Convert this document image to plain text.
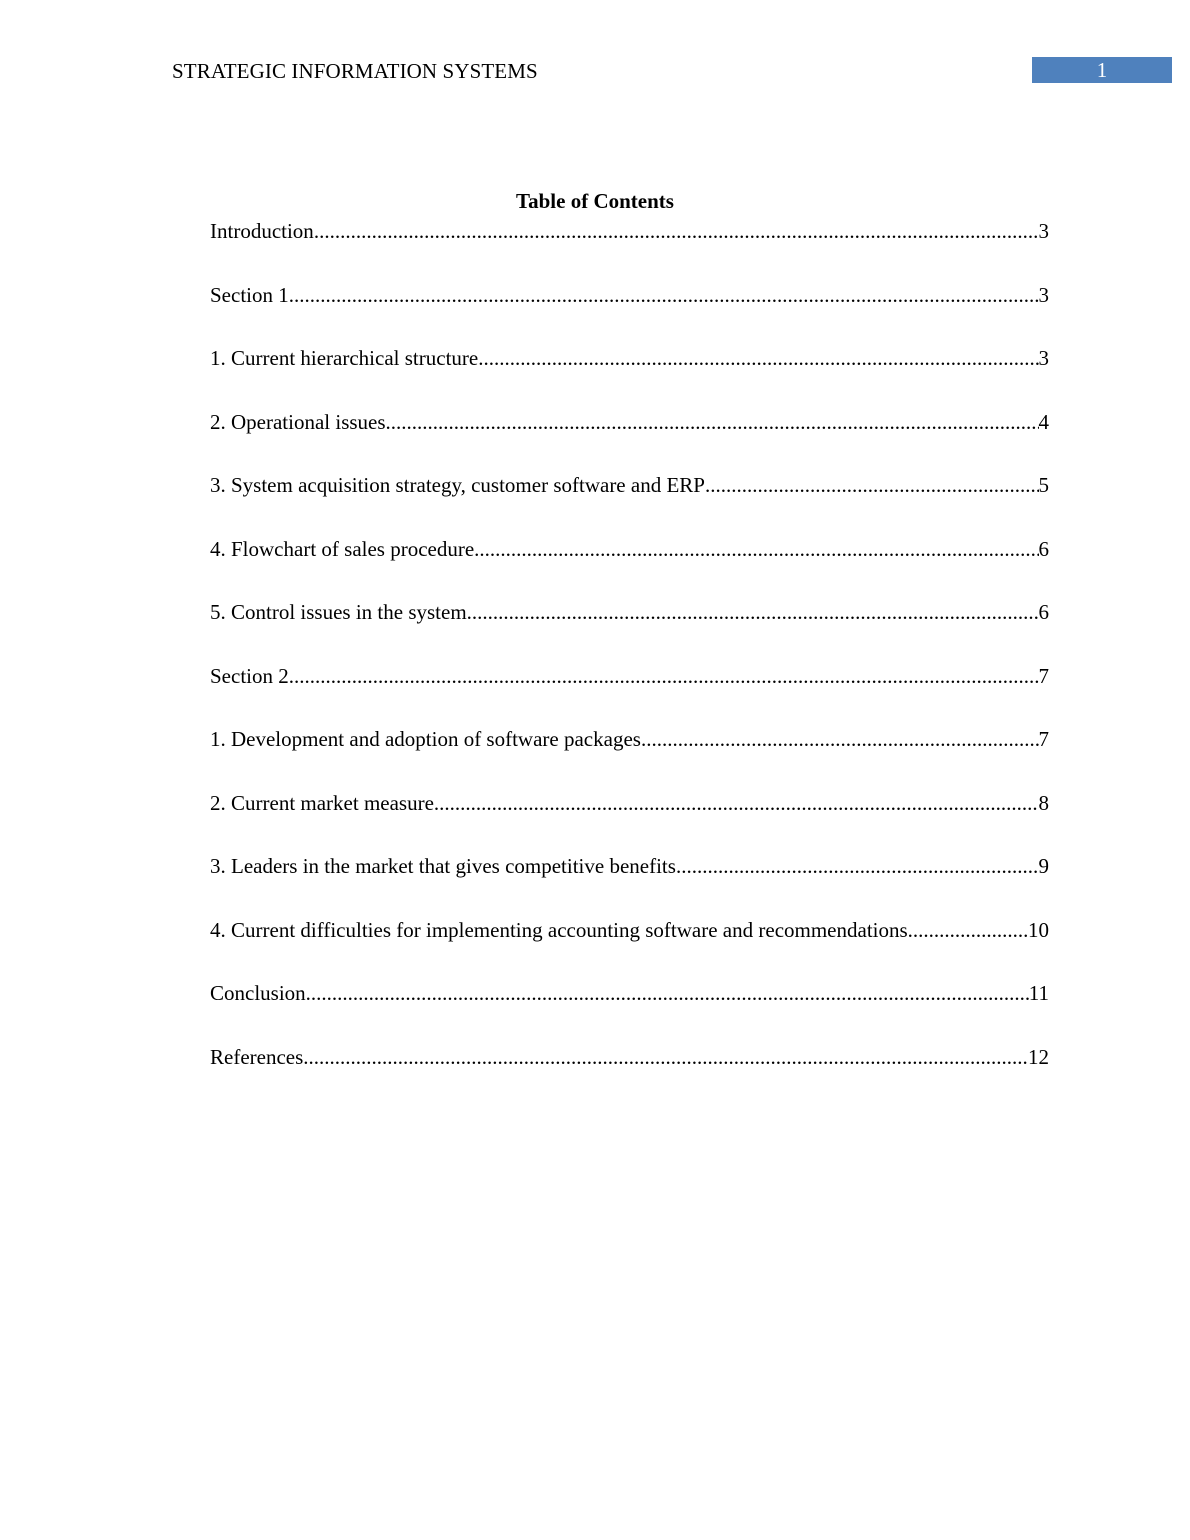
STRATEGIC INFORMATION SYSTEMS	1
Table of Contents
Introduction .....	3
Section 1 .....	3
1. Current hierarchical structure .....	3
2. Operational issues .....	4
3. System acquisition strategy, customer software and ERP .....	5
4. Flowchart of sales procedure .....	6
5. Control issues in the system .....	6
Section 2 .....	7
1. Development and adoption of software packages .....	7
2. Current market measure .....	8
3. Leaders in the market that gives competitive benefits .....	9
4. Current difficulties for implementing accounting software and recommendations .....	10
Conclusion .....	11
References .....	12
